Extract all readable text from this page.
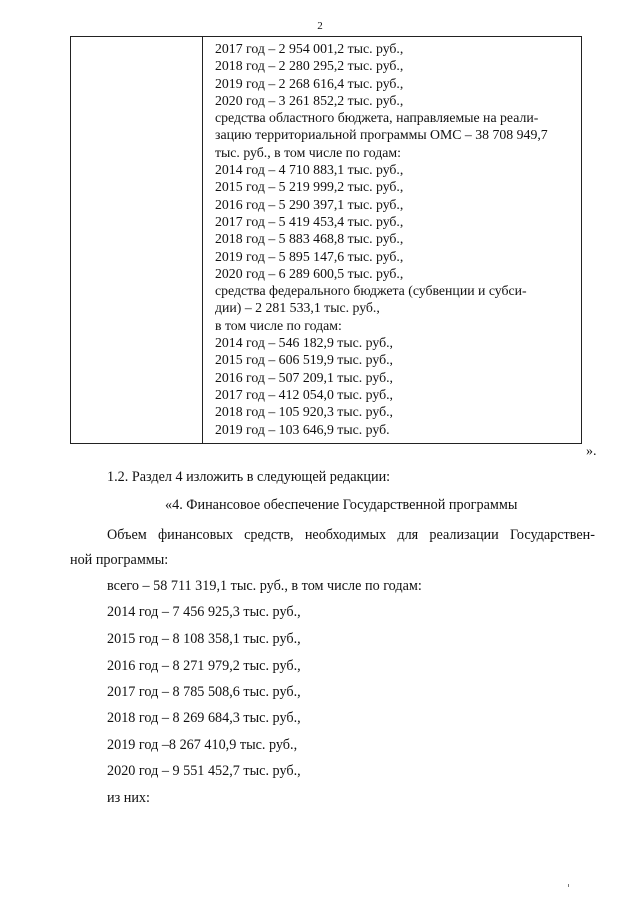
2
2017 год – 2 954 001,2 тыс. руб.,
2018 год – 2 280 295,2 тыс. руб.,
2019 год – 2 268 616,4 тыс. руб.,
2020 год – 3 261 852,2 тыс. руб.,
средства областного бюджета, направляемые на реали-
зацию территориальной программы ОМС – 38 708 949,7
тыс. руб., в том числе по годам:
2014 год – 4 710 883,1 тыс. руб.,
2015 год – 5 219 999,2 тыс. руб.,
2016 год – 5 290 397,1 тыс. руб.,
2017 год – 5 419 453,4 тыс. руб.,
2018 год – 5 883 468,8 тыс. руб.,
2019 год – 5 895 147,6 тыс. руб.,
2020 год – 6 289 600,5 тыс. руб.,
средства федерального бюджета (субвенции и субси-
дии) – 2 281 533,1 тыс. руб.,
в том числе по годам:
2014 год – 546 182,9 тыс. руб.,
2015 год – 606 519,9 тыс. руб.,
2016 год – 507 209,1 тыс. руб.,
2017 год – 412 054,0 тыс. руб.,
2018 год – 105 920,3 тыс. руб.,
2019 год – 103 646,9 тыс. руб.
».
1.2. Раздел 4 изложить в следующей редакции:
«4. Финансовое обеспечение Государственной программы
Объем финансовых средств, необходимых для реализации Государствен-
ной программы:
всего – 58 711 319,1 тыс. руб., в том числе по годам:
2014 год – 7 456 925,3 тыс. руб.,
2015 год – 8 108 358,1 тыс. руб.,
2016 год – 8 271 979,2 тыс. руб.,
2017 год – 8 785 508,6 тыс. руб.,
2018 год – 8 269 684,3 тыс. руб.,
2019 год –8 267 410,9 тыс. руб.,
2020 год – 9 551 452,7 тыс. руб.,
из них:
